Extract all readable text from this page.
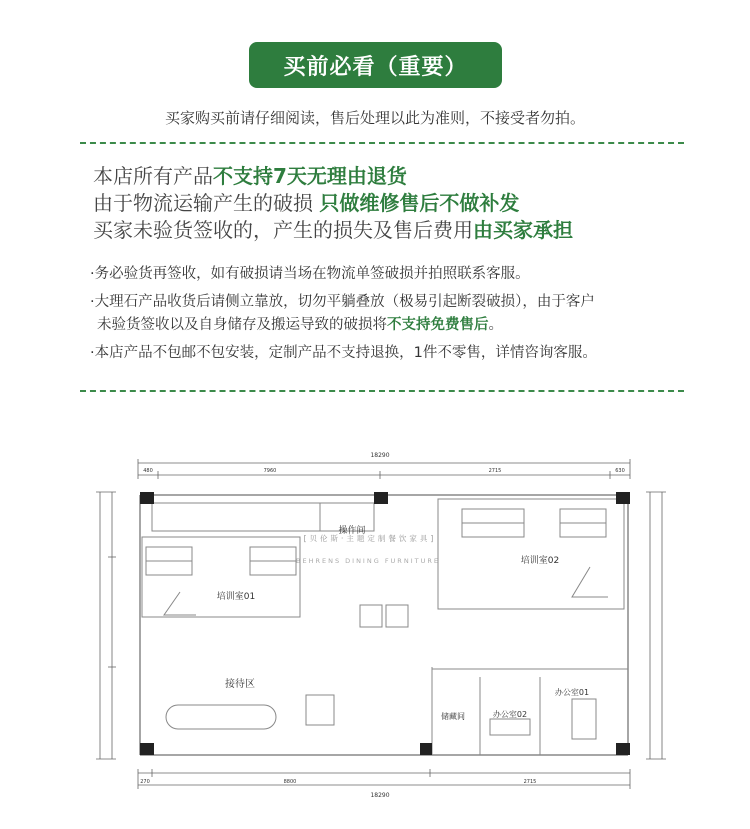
买前必看（重要）
买家购买前请仔细阅读，售后处理以此为准则，不接受者勿拍。
本店所有产品不支持7天无理由退货
由于物流运输产生的破损 只做维修售后不做补发
买家未验货签收的，产生的损失及售后费用由买家承担
·务必验货再签收，如有破损请当场在物流单签破损并拍照联系客服。
·大理石产品收货后请侧立靠放，切勿平躺叠放（极易引起断裂破损），由于客户
未验货签收以及自身储存及搬运导致的破损将不支持免费售后。
·本店产品不包邮不包安装，定制产品不支持退换，1件不零售，详情咨询客服。
18290
480	7960	2715	630
270	8800	2715
18290
操作间
培训室01
培训室02
接待区
储藏间	办公室02
办公室01
[贝伦斯·主题定制餐饮家具]
BEHRENS DINING FURNITURE
